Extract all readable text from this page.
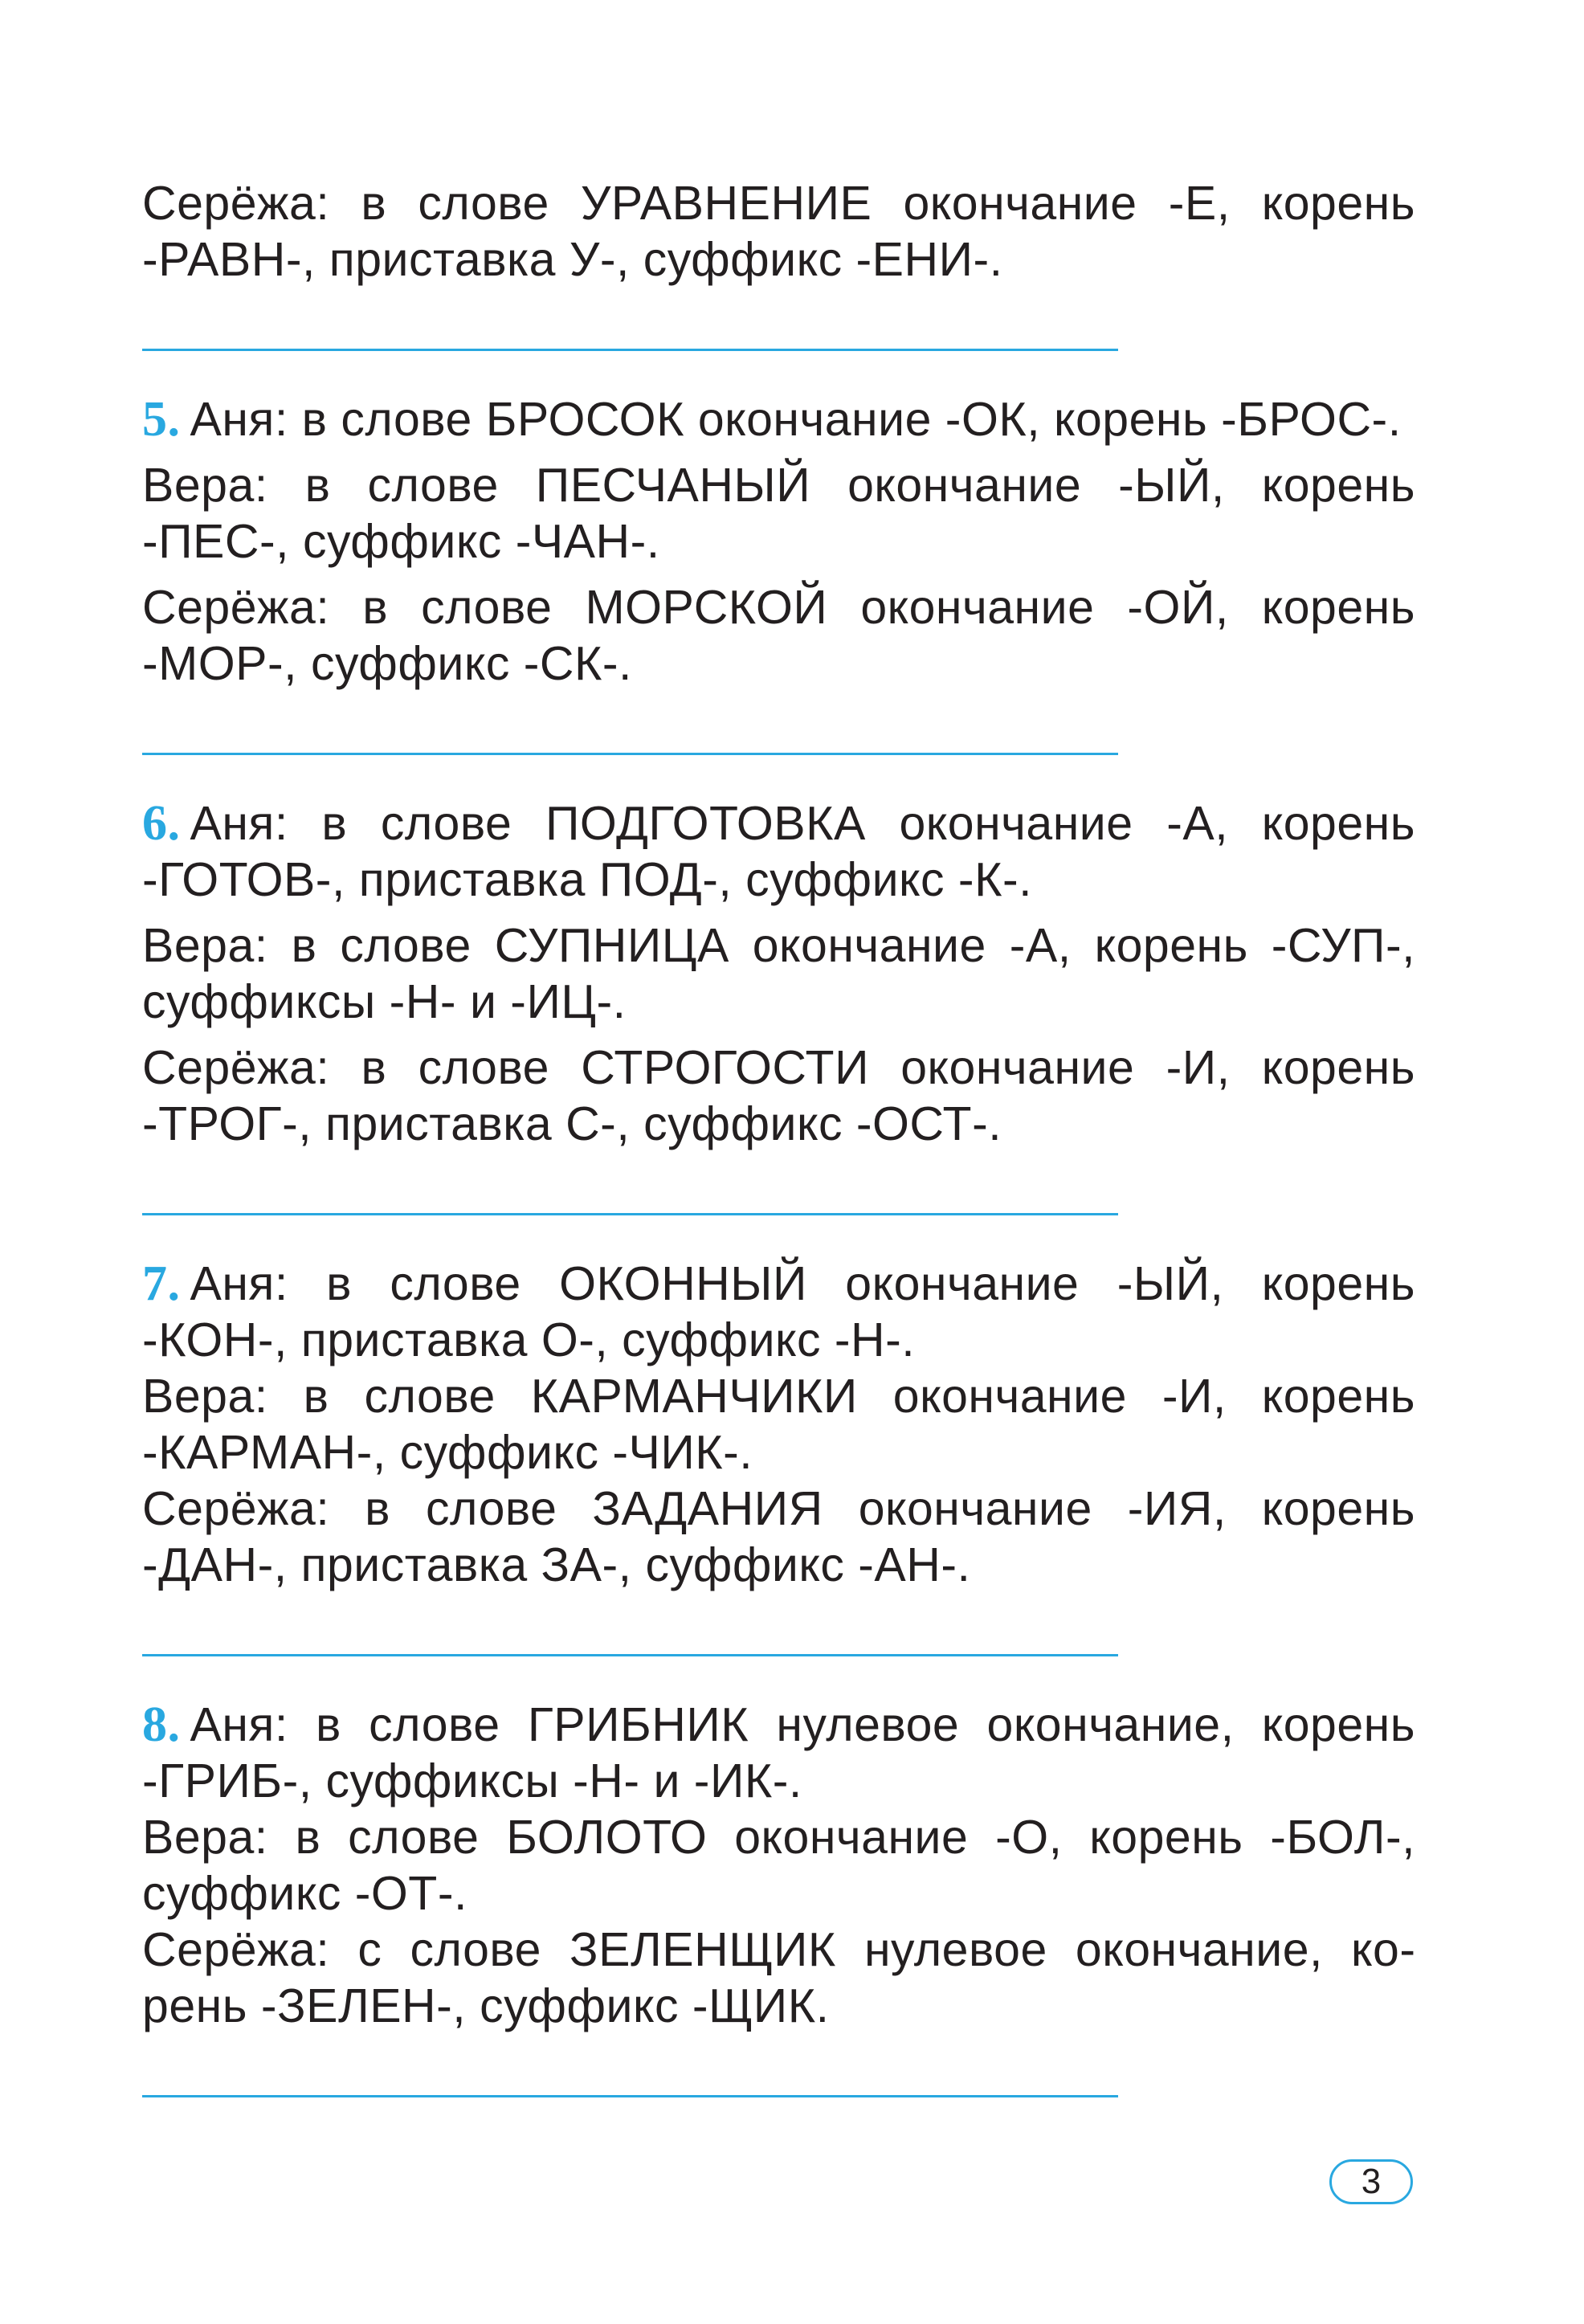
Серёжа: в слове УРАВНЕНИЕ окончание -Е, корень -РАВН-, приставка У-, суффикс -ЕНИ-.

5. Аня: в слове БРОСОК окончание -ОК, корень -БРОС-.

Вера: в слове ПЕСЧАНЫЙ окончание -ЫЙ, корень -ПЕС-, суффикс -ЧАН-.

Серёжа: в слове МОРСКОЙ окончание -ОЙ, корень -МОР-, суффикс -СК-.

6. Аня: в слове ПОДГОТОВКА окончание -А, корень -ГОТОВ-, приставка ПОД-, суффикс -К-.

Вера: в слове СУПНИЦА окончание -А, корень -СУП-, суффиксы -Н- и -ИЦ-.

Серёжа: в слове СТРОГОСТИ окончание -И, корень -ТРОГ-, приставка С-, суффикс -ОСТ-.

7. Аня: в слове ОКОННЫЙ окончание -ЫЙ, корень -КОН-, приставка О-, суффикс -Н-.

Вера: в слове КАРМАНЧИКИ окончание -И, корень -КАРМАН-, суффикс -ЧИК-.

Серёжа: в слове ЗАДАНИЯ окончание -ИЯ, корень -ДАН-, приставка ЗА-, суффикс -АН-.

8. Аня: в слове ГРИБНИК нулевое окончание, корень -ГРИБ-, суффиксы -Н- и -ИК-.

Вера: в слове БОЛОТО окончание -О, корень -БОЛ-, суффикс -ОТ-.

Серёжа: с слове ЗЕЛЕНЩИК нулевое окончание, корень -ЗЕЛЕН-, суффикс -ЩИК.

3
